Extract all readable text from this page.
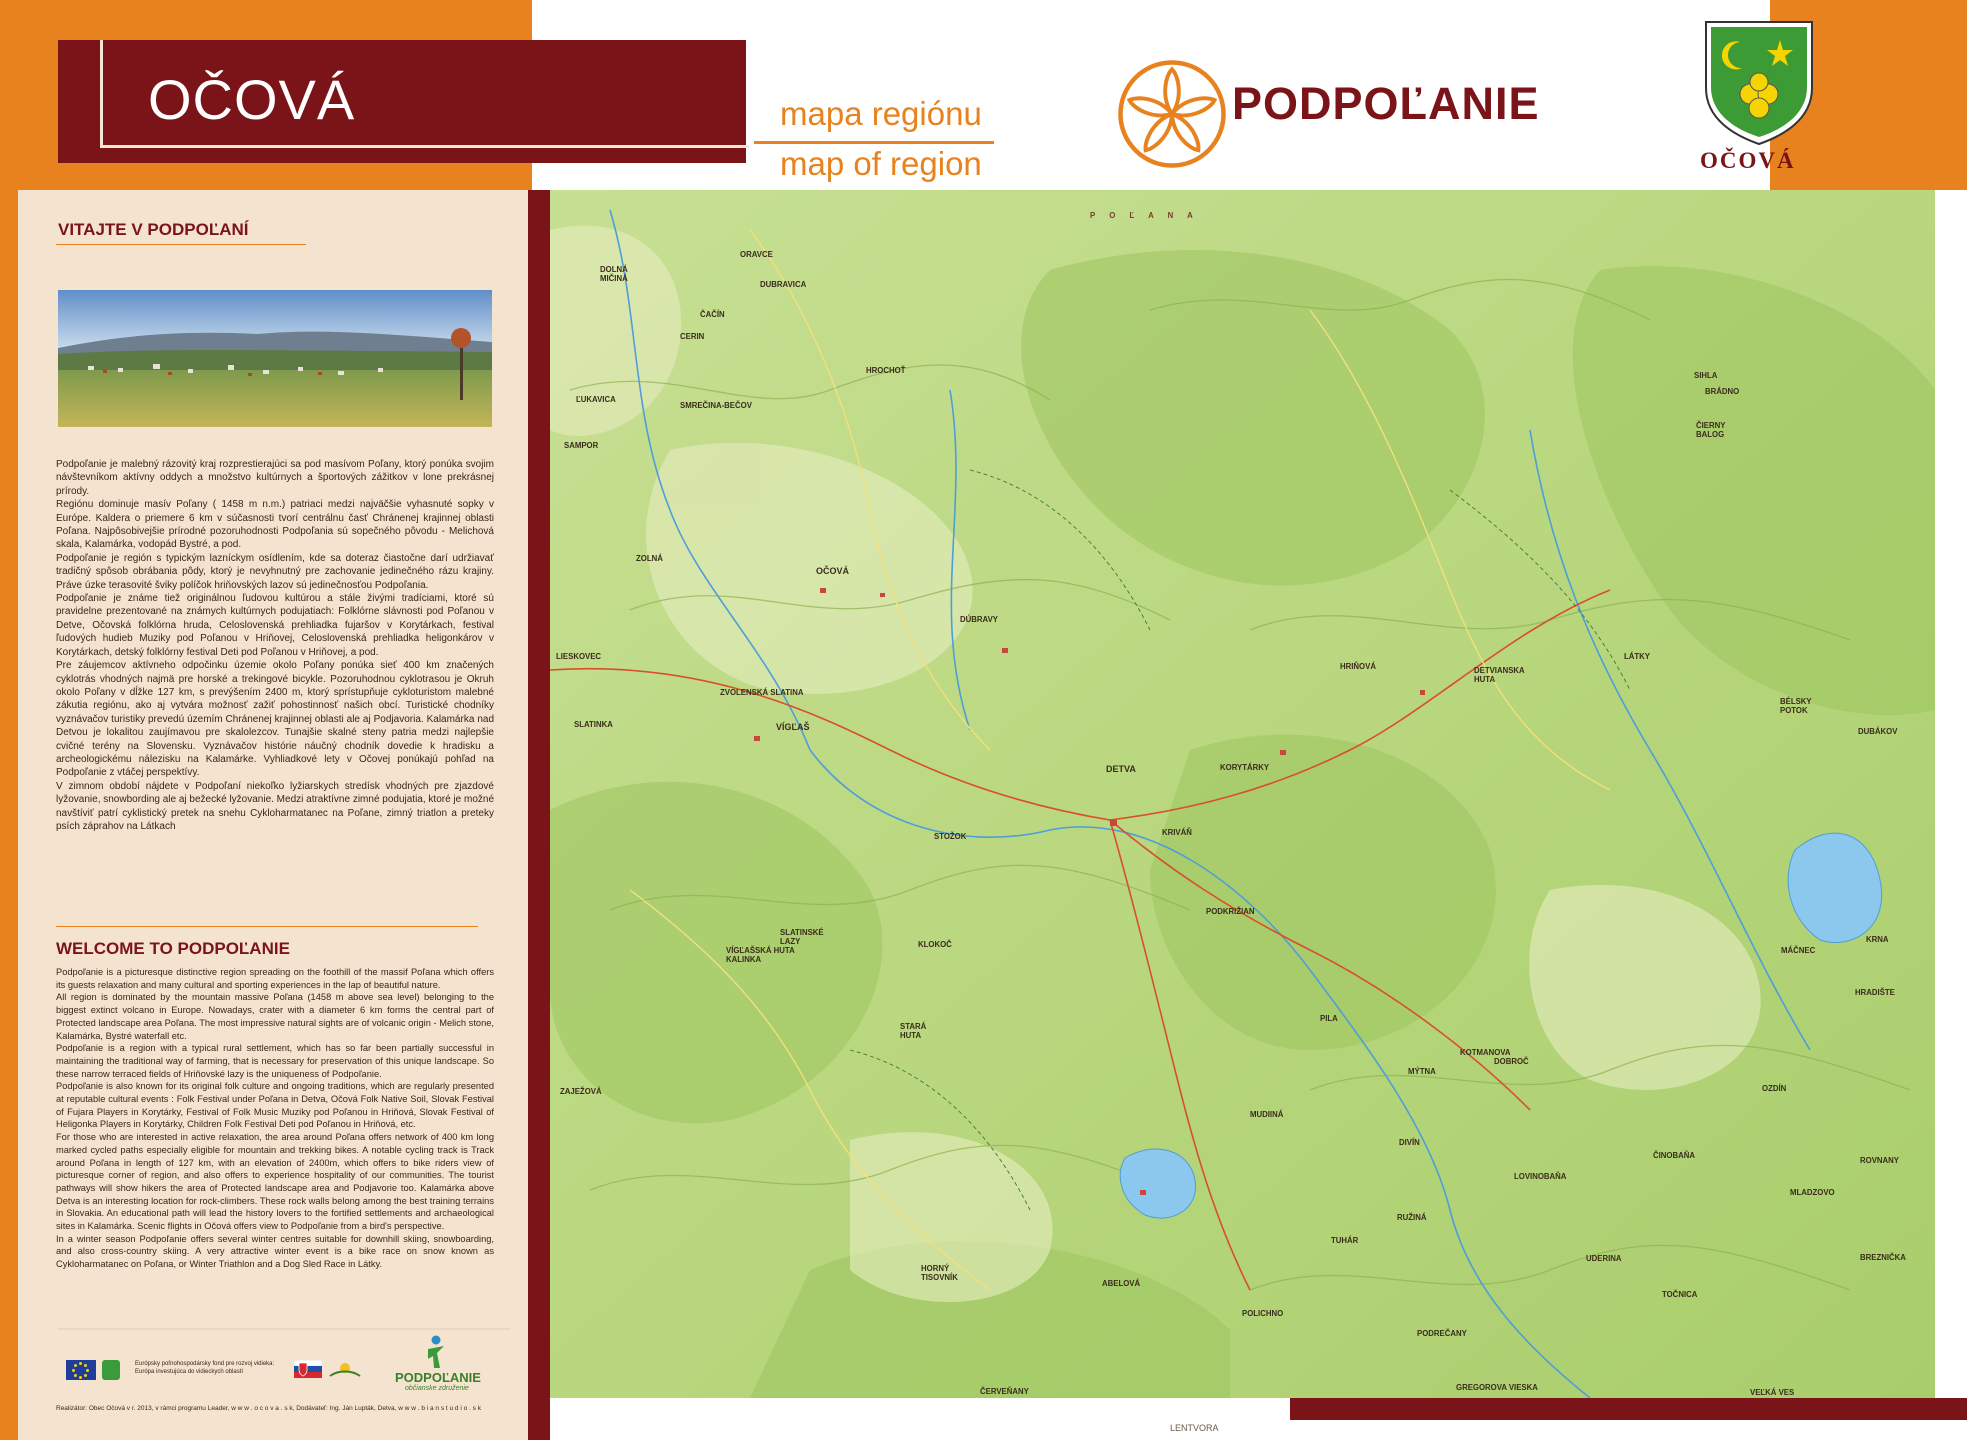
OČOVÁ	mapa regiónu
map of region
PODPOĽANIE
OČOVÁ
VITAJTE V PODPOĽANÍ

Podpoľanie je malebný rázovitý kraj rozprestierajúci sa pod masívom Poľany, ktorý ponúka svojim návštevníkom aktívny oddych a množstvo kultúrnych a športových zážitkov v lone prekrásnej prírody.

Regiónu dominuje masív Poľany ( 1458 m n.m.) patriaci medzi najväčšie vyhasnuté sopky v Európe. Kaldera o priemere 6 km v súčasnosti tvorí centrálnu časť Chránenej krajinnej oblasti Poľana. Najpôsobivejšie prírodné pozoruhodnosti Podpoľania sú sopečného pôvodu - Melichová skala, Kalamárka, vodopád Bystré, a pod.

Podpoľanie je región s typickým lazníckym osídlením, kde sa doteraz čiastočne darí udržiavať tradičný spôsob obrábania pôdy, ktorý je nevyhnutný pre zachovanie jedinečného rázu krajiny. Práve úzke terasovité šviky políčok hriňovských lazov sú jedinečnosťou Podpoľania.

Podpoľanie je známe tiež originálnou ľudovou kultúrou a stále živými tradíciami, ktoré sú pravidelne prezentované na známych kultúrnych podujatiach: Folklórne slávnosti pod Poľanou v Detve, Očovská folklórna hruda, Celoslovenská prehliadka fujaršov v Korytárkach, festival ľudových hudieb Muziky pod Poľanou v Hriňovej, Celoslovenská prehliadka heligonkárov v Korytárkach, detský folklórny festival Deti pod Poľanou v Hriňovej, a pod.

Pre záujemcov aktívneho odpočinku územie okolo Poľany ponúka sieť 400 km značených cyklotrás vhodných najmä pre horské a trekingové bicykle. Pozoruhodnou cyklotrasou je Okruh okolo Poľany v dĺžke 127 km, s prevýšením 2400 m, ktorý sprístupňuje cykloturistom malebné zákutia regiónu, ako aj vytvára možnosť zažiť pohostinnosť našich obcí. Turistické chodníky vyznávačov turistiky prevedú územím Chránenej krajinnej oblasti ale aj Podjavoria. Kalamárka nad Detvou je lokalitou zaujímavou pre skalolezcov. Tunajšie skalné steny patria medzi najlepšie cvičné terény na Slovensku. Vyznávačov histórie náučný chodník dovedie k hradisku a archeologickému nálezisku na Kalamárke. Vyhliadkové lety v Očovej ponúkajú pohľad na Podpoľanie z vtáčej perspektívy.

V zimnom období nájdete v Podpoľaní niekoľko lyžiarskych stredísk vhodných pre zjazdové lyžovanie, snowbording ale aj bežecké lyžovanie. Medzi atraktívne zimné podujatia, ktoré je možné navštíviť patrí cyklistický pretek na snehu Cykloharmatanec na Poľane, zimný triatlon a preteky psích záprahov na Látkach

WELCOME TO PODPOĽANIE

Podpoľanie is a picturesque distinctive region spreading on the foothill of the massif Poľana which offers its guests relaxation and many cultural and sporting experiences in the lap of beautiful nature.

All region is dominated by the mountain massive Poľana (1458 m above sea level) belonging to the biggest extinct volcano in Europe. Nowadays, crater with a diameter 6 km forms the central part of Protected landscape area Poľana. The most impressive natural sights are of volcanic origin - Melich stone, Kalamárka, Bystré waterfall etc.

Podpoľanie is a region with a typical rural settlement, which has so far been partially successful in maintaining the traditional way of farming, that is necessary for preservation of this unique landscape. So these narrow terraced fields of Hriňovské lazy is the uniqueness of Podpoľanie.

Podpoľanie is also known for its original folk culture and ongoing traditions, which are regularly presented at reputable cultural events : Folk Festival under Poľana in Detva, Očová Folk Native Soil, Slovak Festival of Fujara Players in Korytárky, Festival of Folk Music Muziky pod Poľanou in Hriňová, Slovak Festival of Heligonka Players in Korytárky, Children Folk Festival Deti pod Poľanou in Hriňová, etc.

For those who are interested in active relaxation, the area around Poľana offers network of 400 km long marked cycled paths especially eligible for mountain and trekking bikes. A notable cycling track is Track around Poľana in length of 127 km, with an elevation of 2400m, which offers to bike riders view of picturesque corner of region, and also offers to experience hospitality of our communities. The tourist pathways will show hikers the area of Protected landscape area and Podjavorie too. Kalamárka above Detva is an interesting location for rock-climbers. These rock walls belong among the best training terrains in Slovakia. An educational path will lead the history lovers to the fortified settlements and archaeological sites in Kalamárka. Scenic flights in Očová offers view to Podpoľanie from a bird's perspective.

In a winter season Podpoľanie offers several winter centres suitable for downhill skiing, snowboarding, and also cross-country skiing. A very attractive winter event is a bike race on snow known as Cykloharmatanec on Poľana, or Winter Triathlon and a Dog Sled Race in Látky.

Európsky poľnohospodársky fond pre rozvoj vidieka: Európa investujúca do vidieckych oblastí	PODPOĽANIE
občianske združenie
Realizátor: Obec Očová v r. 2013, v rámci programu Leader, w w w . o c o v a . s k, Dodávateľ: Ing. Ján Lupták, Detva, w w w . b i a n s t u d i o . s k
P O Ľ A N A
DOLNÁ MIČINÁ
ORAVCE
DUBRAVICA
ČAČÍN
CERIN
HROCHOŤ
ĽUKAVICA
SMREČINA-BEČOV
SAMPOR
ZOLNÁ
OČOVÁ
DÚBRAVY
LIESKOVEC
ZVOLENSKÁ SLATINA
SLATINKA	VÍGĽAŠ
DETVA	KORYTÁRKY
KRIVÁŇ
STOŽOK
HRIŇOVÁ	DETVIANSKA HUTA
LÁTKY
BRÁDNO
SIHLA
ČIERNY BALOG
BÉLSKY POTOK
DUBÁKOV
SLATINSKÉ LAZY
VÍGĽAŠSKÁ HUTA KALINKA
KLOKOČ
PODKRIŽIAN
STARÁ HUTA
PILA
KOTMANOVA
DOBROČ
MÝTNA
KRNA
MÁČNEC
HRADIŠTE
OZDÍN
ZAJEŽOVÁ
MUDIINÁ
DIVÍN
RUŽINÁ
LOVINOBAŇA
ČINOBAŇA
ROVNANY
MLADZOVO
TUHÁR
UDERINA	BREZNIČKA
ABELOVÁ
HORNÝ TISOVNÍK
POLICHNO
PODREČANY
TOČNICA
ČERVEŇANY	GREGOROVA VIESKA
VEĽKÁ VES
LENTVORA
